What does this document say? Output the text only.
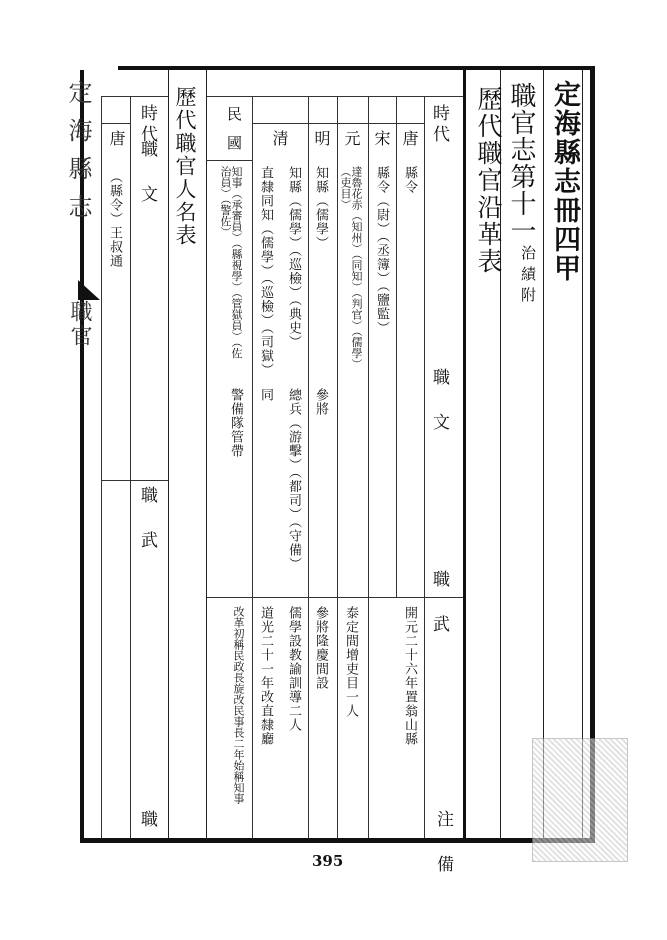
定海縣志冊四甲
職官志第十一
治績附
歷代職官沿革表
時代
職 文
職 武
注 備
唐
宋
元
明
清
民國
縣令
縣令（尉）（丞簿）（鹽監）
達魯花赤（知州）（同知）（判官）（儒學）（吏目）
知縣（儒學）
知縣（儒學）（巡檢）（典史）
直隸同知（儒學）（巡檢）（司獄）
知事（承審員）（縣視學）（管獄員）（佐治員）（警佐）
參將
總兵（游擊）（都司）（守備）
同
警備隊管帶
開元二十六年置翁山縣
泰定間增吏目一人
參將隆慶間設
儒學設教諭訓導二人
道光二十一年改直隸廳
改革初稱民政長旋改民事長二年始稱知事
歷代職官人名表
時代
職 文
職 武
職
唐
（縣令）王叔通
定海縣志
職官
395
